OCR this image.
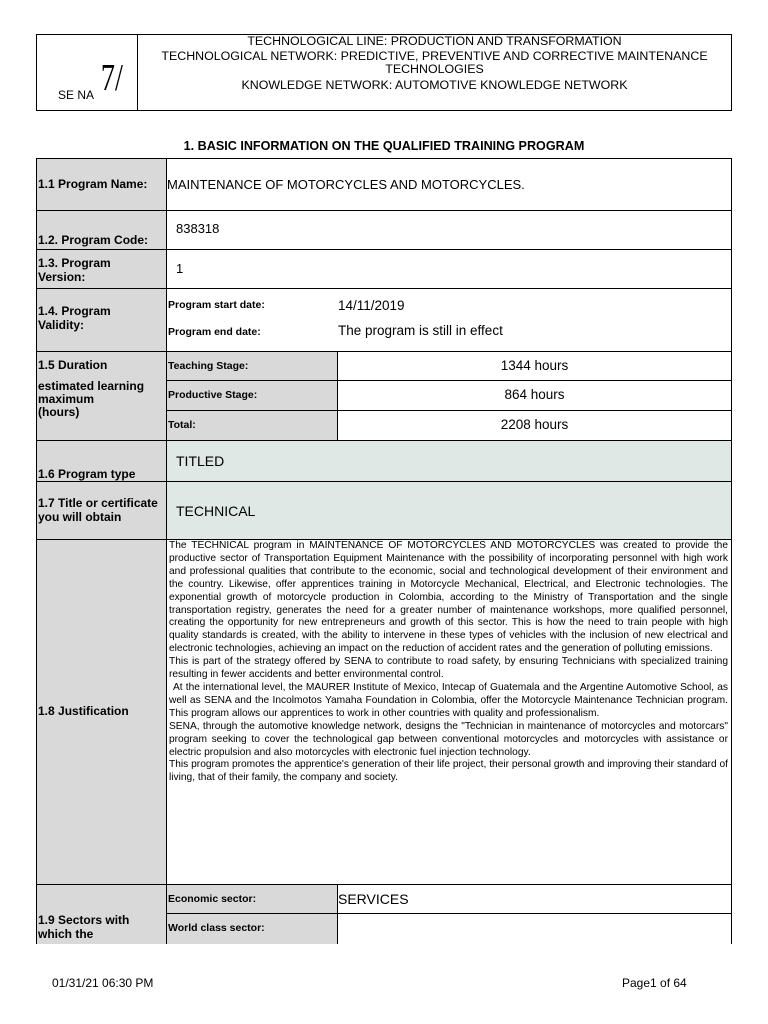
SE NA 7/
TECHNOLOGICAL LINE: PRODUCTION AND TRANSFORMATION
TECHNOLOGICAL NETWORK: PREDICTIVE, PREVENTIVE AND CORRECTIVE MAINTENANCE
TECHNOLOGIES
KNOWLEDGE NETWORK: AUTOMOTIVE KNOWLEDGE NETWORK
1. BASIC INFORMATION ON THE QUALIFIED TRAINING PROGRAM
1.1 Program Name: MAINTENANCE OF MOTORCYCLES AND MOTORCYCLES.
1.2. Program Code:
838318
1.3. Program
Version:
1
1.4. Program
Validity:
Program start date:	14/11/2019
Program end date:	The program is still in effect
1.5 Duration
estimated learning
maximum
(hours)
Teaching Stage:	1344 hours
Productive Stage:	864 hours
Total:	2208 hours
1.6 Program type
TITLED
1.7 Title or certificate
you will obtain	TECHNICAL
1.8 Justification

The TECHNICAL program in MAINTENANCE OF MOTORCYCLES AND MOTORCYCLES was created to provide the productive sector of Transportation Equipment Maintenance with the possibility of incorporating personnel with high work and professional qualities that contribute to the economic, social and technological development of their environment and the country. Likewise, offer apprentices training in Motorcycle Mechanical, Electrical, and Electronic technologies. The exponential growth of motorcycle production in Colombia, according to the Ministry of Transportation and the single transportation registry, generates the need for a greater number of maintenance workshops, more qualified personnel, creating the opportunity for new entrepreneurs and growth of this sector. This is how the need to train people with high quality standards is created, with the ability to intervene in these types of vehicles with the inclusion of new electrical and electronic technologies, achieving an impact on the reduction of accident rates and the generation of polluting emissions.

This is part of the strategy offered by SENA to contribute to road safety, by ensuring Technicians with specialized training resulting in fewer accidents and better environmental control.

At the international level, the MAURER Institute of Mexico, Intecap of Guatemala and the Argentine Automotive School, as well as SENA and the Incolmotos Yamaha Foundation in Colombia, offer the Motorcycle Maintenance Technician program. This program allows our apprentices to work in other countries with quality and professionalism.

SENA, through the automotive knowledge network, designs the "Technician in maintenance of motorcycles and motorcars" program seeking to cover the technological gap between conventional motorcycles and motorcycles with assistance or electric propulsion and also motorcycles with electronic fuel injection technology.

This program promotes the apprentice's generation of their life project, their personal growth and improving their standard of living, that of their family, the company and society.

1.9 Sectors with
which the
Economic sector:	SERVICES
World class sector:
01/31/21 06:30 PM	Page1 of 64
